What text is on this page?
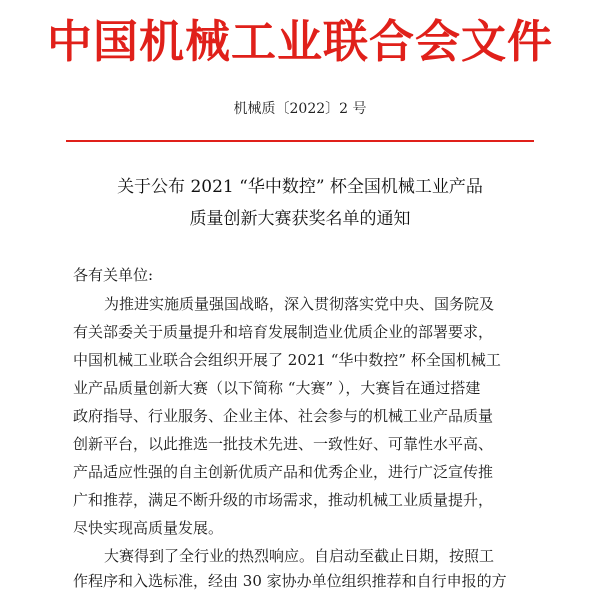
中国机械工业联合会文件
机械质〔2022〕2 号
关于公布 2021 “华中数控” 杯全国机械工业产品
质量创新大赛获奖名单的通知
各有关单位:
为推进实施质量强国战略，深入贯彻落实党中央、国务院及
有关部委关于质量提升和培育发展制造业优质企业的部署要求，
中国机械工业联合会组织开展了 2021 “华中数控” 杯全国机械工
业产品质量创新大赛（以下简称 “大赛” ），大赛旨在通过搭建
政府指导、行业服务、企业主体、社会参与的机械工业产品质量
创新平台，以此推选一批技术先进、一致性好、可靠性水平高、
产品适应性强的自主创新优质产品和优秀企业，进行广泛宣传推
广和推荐，满足不断升级的市场需求，推动机械工业质量提升，
尽快实现高质量发展。
大赛得到了全行业的热烈响应。自启动至截止日期，按照工
作程序和入选标准，经由 30 家协办单位组织推荐和自行申报的方
